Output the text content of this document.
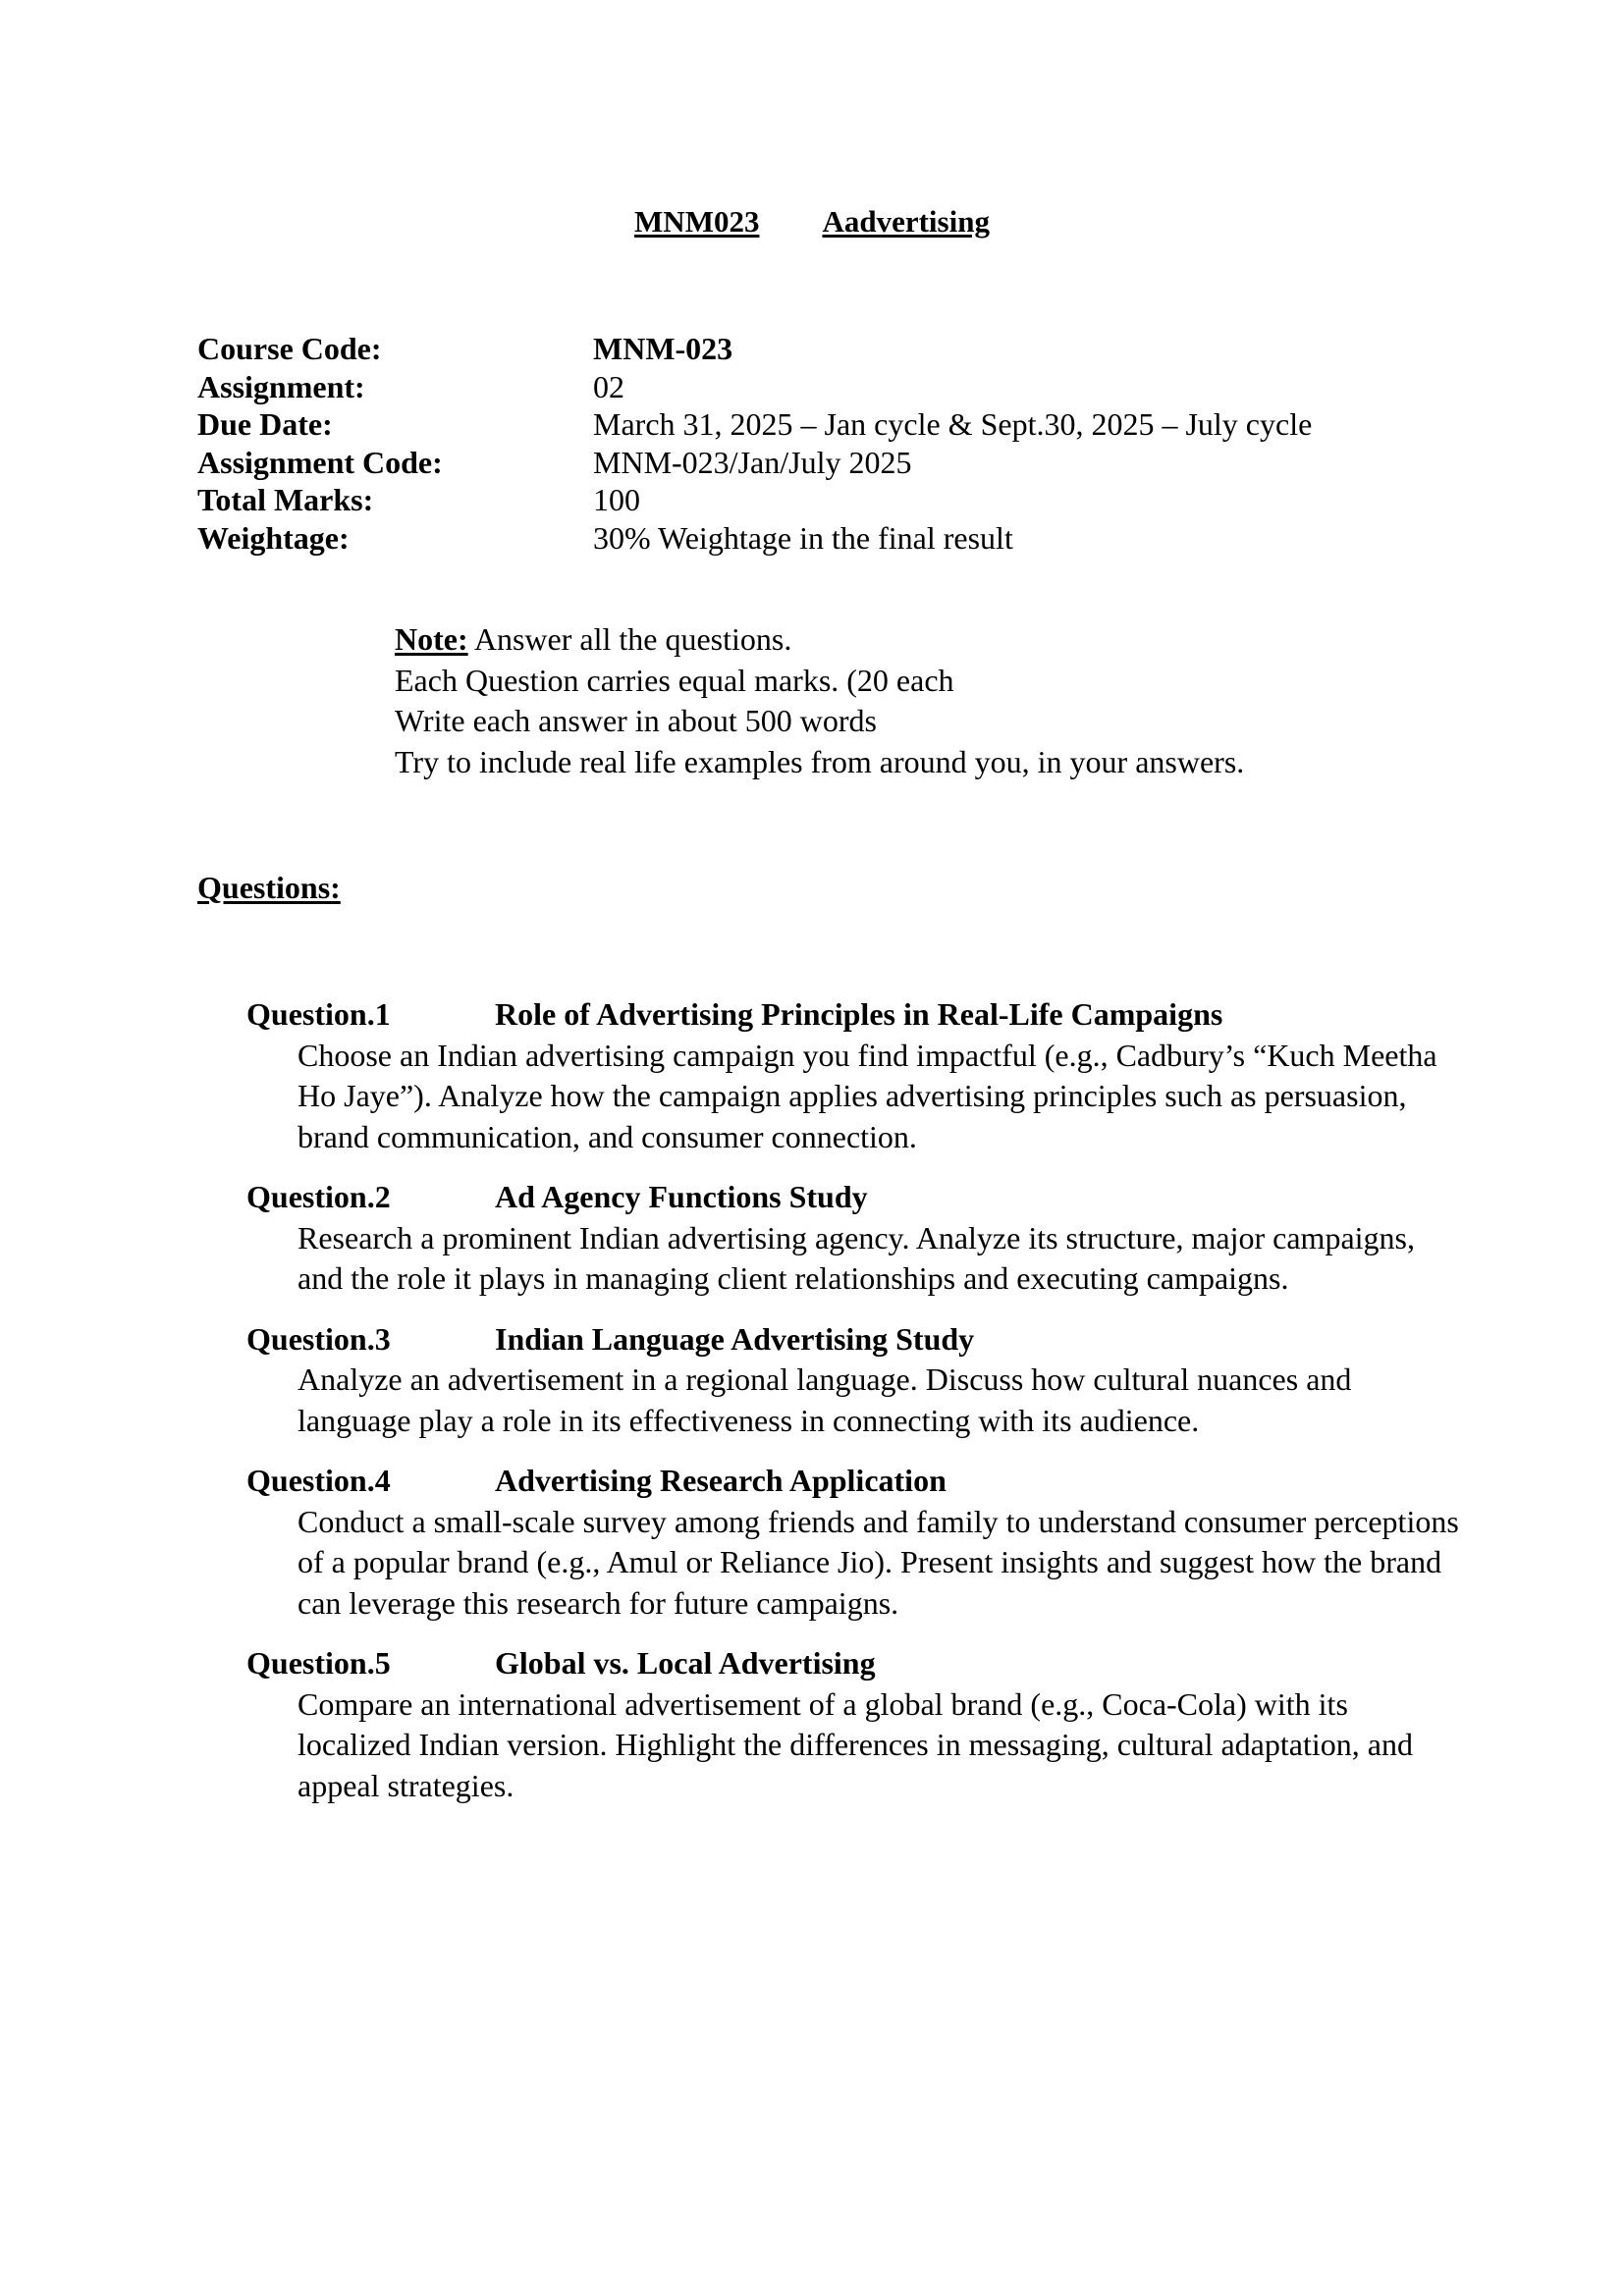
MNM023 Aadvertising
Course Code:	MNM-023
Assignment:	02
Due Date:	March 31, 2025 – Jan cycle & Sept.30, 2025 – July cycle
Assignment Code:	MNM-023/Jan/July 2025
Total Marks:	100
Weightage:	30% Weightage in the final result
Note: Answer all the questions.
Each Question carries equal marks. (20 each
Write each answer in about 500 words
Try to include real life examples from around you, in your answers.
Questions:
Question.1	Role of Advertising Principles in Real-Life Campaigns
Choose an Indian advertising campaign you find impactful (e.g., Cadbury’s “Kuch Meetha Ho Jaye”). Analyze how the campaign applies advertising principles such as persuasion, brand communication, and consumer connection.
Question.2	Ad Agency Functions Study
Research a prominent Indian advertising agency. Analyze its structure, major campaigns, and the role it plays in managing client relationships and executing campaigns.
Question.3	Indian Language Advertising Study
Analyze an advertisement in a regional language. Discuss how cultural nuances and language play a role in its effectiveness in connecting with its audience.
Question.4	Advertising Research Application
Conduct a small-scale survey among friends and family to understand consumer perceptions of a popular brand (e.g., Amul or Reliance Jio). Present insights and suggest how the brand can leverage this research for future campaigns.
Question.5	Global vs. Local Advertising
Compare an international advertisement of a global brand (e.g., Coca-Cola) with its localized Indian version. Highlight the differences in messaging, cultural adaptation, and appeal strategies.
